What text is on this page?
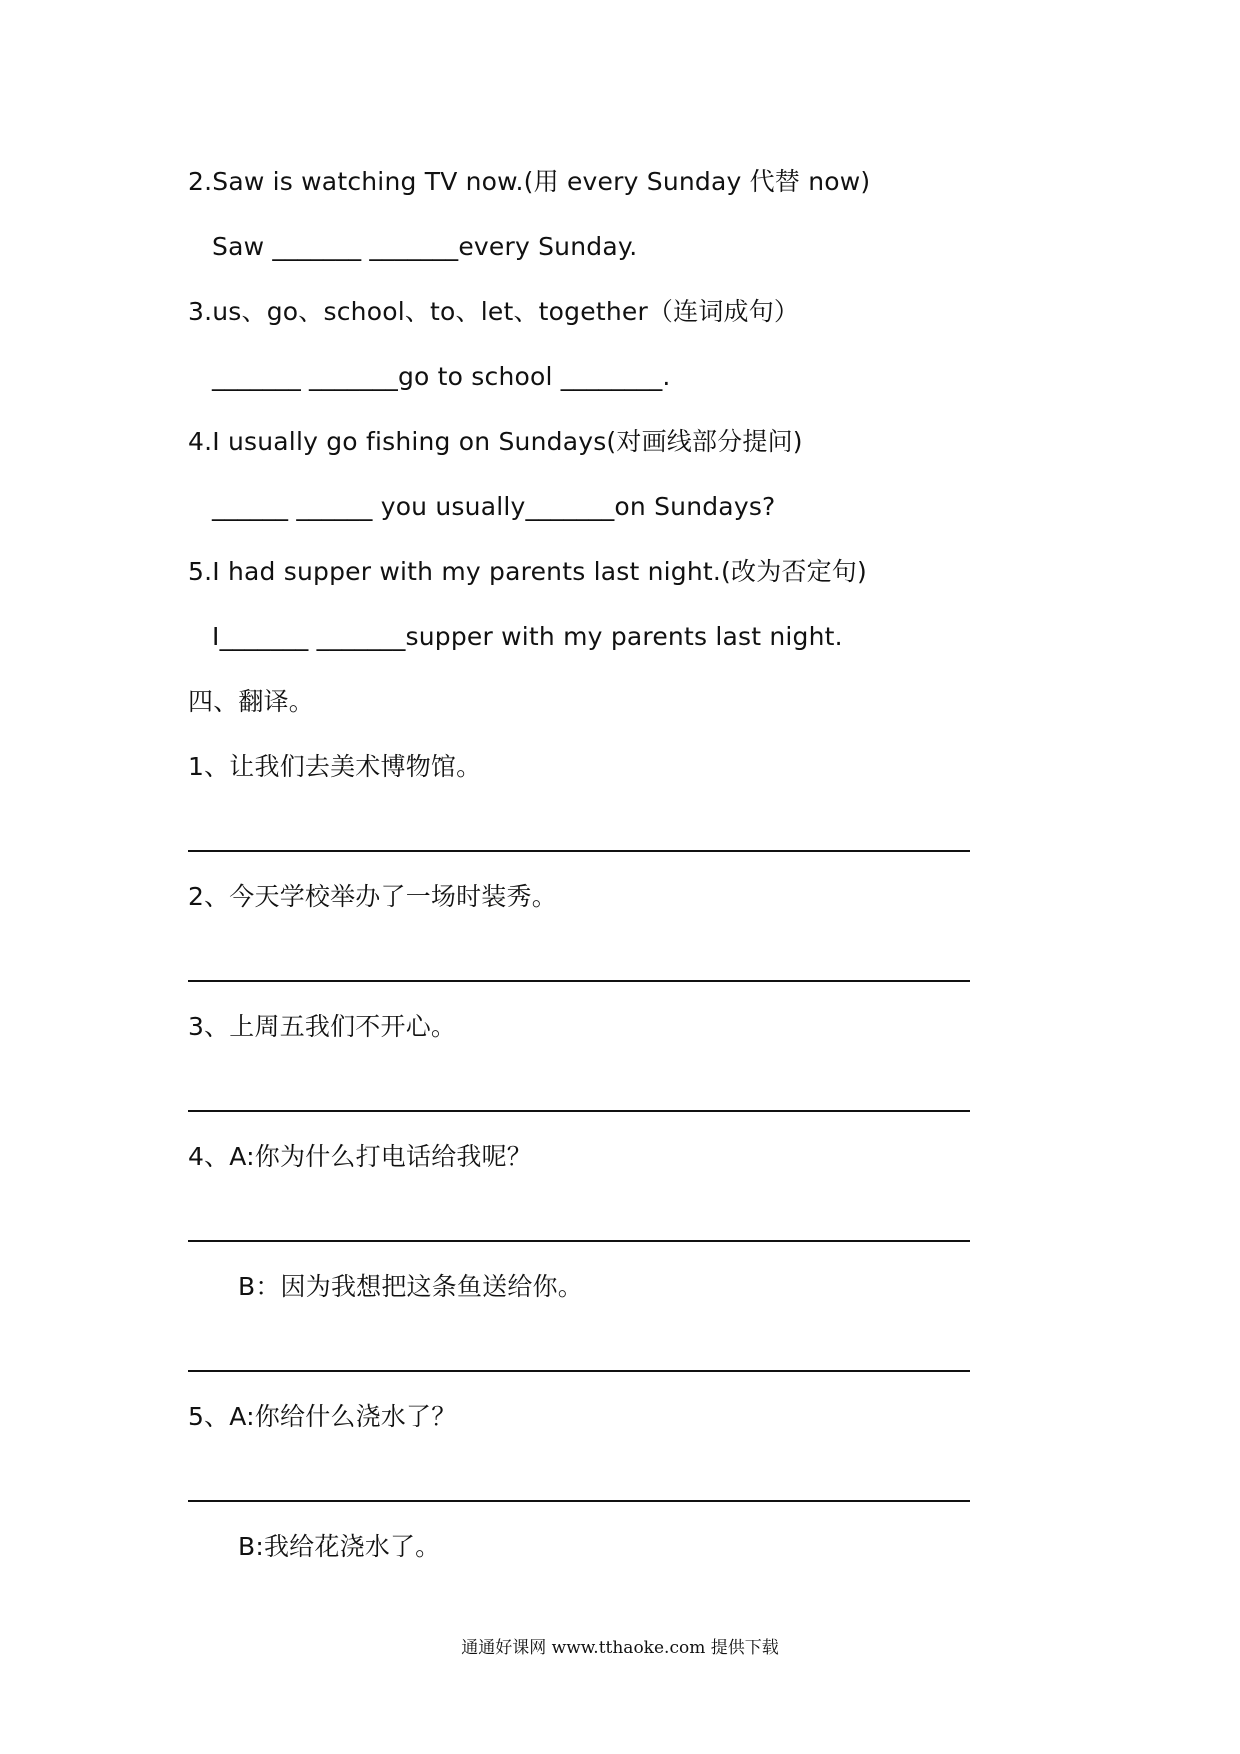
2.Saw is watching TV now.(用 every Sunday 代替 now)
Saw _______ _______every Sunday.
3.us、go、school、to、let、together（连词成句）
_______ _______go to school ________.
4.I usually go fishing on Sundays(对画线部分提问)
______ ______ you usually_______on Sundays?
5.I had supper with my parents last night.(改为否定句)
I_______ _______supper with my parents last night.
四、翻译。
1、让我们去美术博物馆。
2、今天学校举办了一场时装秀。
3、上周五我们不开心。
4、A:你为什么打电话给我呢？
B：因为我想把这条鱼送给你。
5、A:你给什么浇水了？
B:我给花浇水了。
通通好课网 www.tthaoke.com 提供下载
